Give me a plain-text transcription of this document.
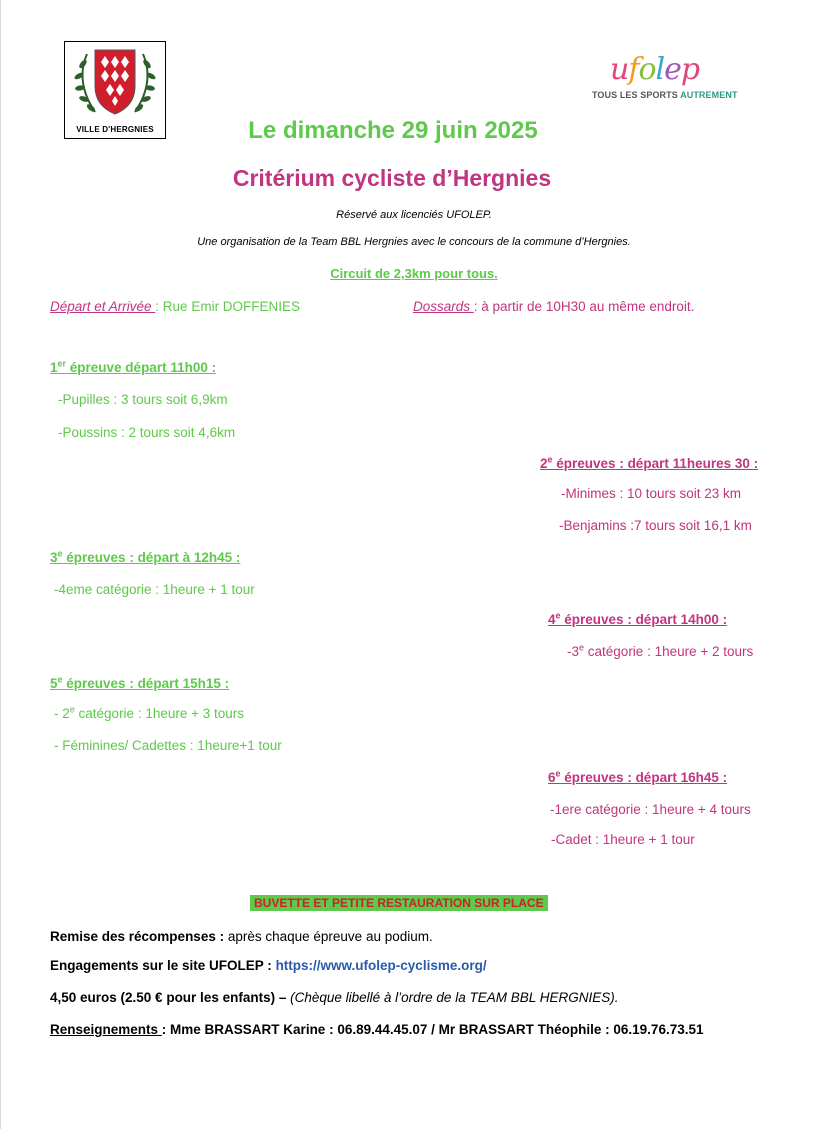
VILLE D'HERGNIES
ufolep
TOUS LES SPORTS AUTREMENT
Le dimanche 29 juin 2025
Critérium cycliste d’Hergnies
Réservé aux licenciés UFOLEP.
Une organisation de la Team BBL Hergnies avec le concours de la commune d’Hergnies.
Circuit de 2,3km pour tous.
Départ et Arrivée : Rue Emir DOFFENIES	Dossards : à partir de 10H30 au même endroit.
1er épreuve départ 11h00 :
-Pupilles : 3 tours soit 6,9km
-Poussins : 2 tours soit 4,6km
2e épreuves : départ 11heures 30 :
-Minimes : 10 tours soit 23 km
-Benjamins :7 tours soit 16,1 km
3e épreuves : départ à 12h45 :
-4eme catégorie : 1heure + 1 tour
4e épreuves : départ 14h00 :
-3e catégorie : 1heure + 2 tours
5e épreuves : départ 15h15 :
- 2e catégorie : 1heure + 3 tours
- Féminines/ Cadettes : 1heure+1 tour
6e épreuves : départ 16h45 :
-1ere catégorie : 1heure + 4 tours
-Cadet : 1heure + 1 tour
BUVETTE ET PETITE RESTAURATION SUR PLACE
Remise des récompenses : après chaque épreuve au podium.
Engagements sur le site UFOLEP : https://www.ufolep-cyclisme.org/
4,50 euros (2.50 € pour les enfants) – (Chèque libellé à l’ordre de la TEAM BBL HERGNIES).
Renseignements : Mme BRASSART Karine : 06.89.44.45.07 / Mr BRASSART Théophile : 06.19.76.73.51
